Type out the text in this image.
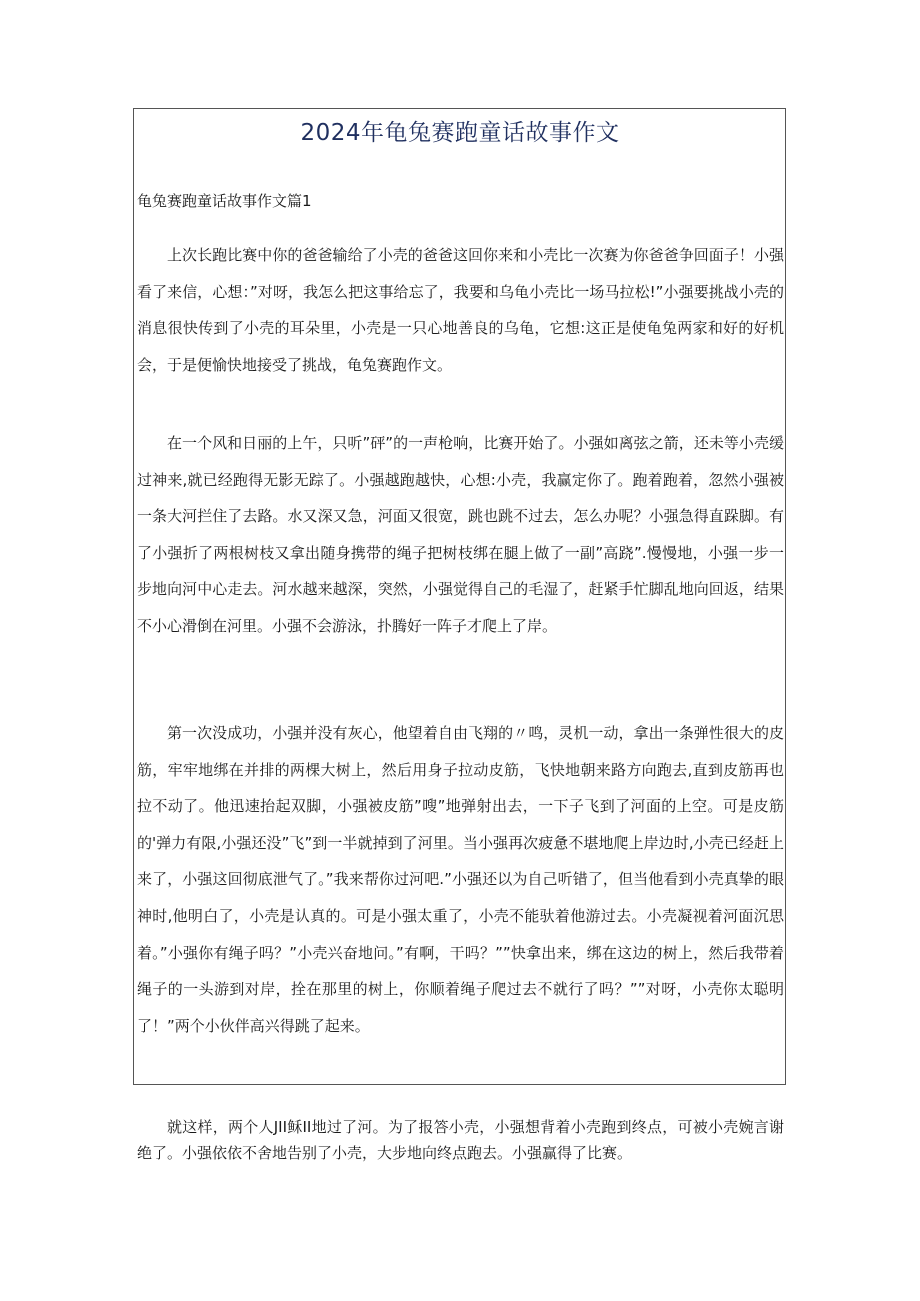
2024年龟兔赛跑童话故事作文
龟兔赛跑童话故事作文篇1

上次长跑比赛中你的爸爸输给了小壳的爸爸这回你来和小壳比一次赛为你爸爸争回面子！小强看了来信，心想：”对呀，我怎么把这事给忘了，我要和乌龟小壳比一场马拉松!”小强要挑战小壳的消息很快传到了小壳的耳朵里，小壳是一只心地善良的乌龟，它想:这正是使龟兔两家和好的好机会，于是便愉快地接受了挑战，龟兔赛跑作文。

在一个风和日丽的上午，只听”砰”的一声枪响，比赛开始了。小强如离弦之箭，还未等小壳缓过神来,就已经跑得无影无踪了。小强越跑越快，心想:小壳，我赢定你了。跑着跑着，忽然小强被一条大河拦住了去路。水又深又急，河面又很宽，跳也跳不过去，怎么办呢？小强急得直跺脚。有了小强折了两根树枝又拿出随身携带的绳子把树枝绑在腿上做了一副”高跷”.慢慢地，小强一步一步地向河中心走去。河水越来越深，突然，小强觉得自己的毛湿了，赶紧手忙脚乱地向回返，结果不小心滑倒在河里。小强不会游泳，扑腾好一阵子才爬上了岸。

第一次没成功，小强并没有灰心，他望着自由飞翔的〃鸣，灵机一动，拿出一条弹性很大的皮筋，牢牢地绑在并排的两棵大树上，然后用身子拉动皮筋，飞快地朝来路方向跑去,直到皮筋再也拉不动了。他迅速抬起双脚，小强被皮筋”嗖”地弹射出去，一下子飞到了河面的上空。可是皮筋的'弹力有限,小强还没”飞”到一半就掉到了河里。当小强再次疲惫不堪地爬上岸边时,小壳已经赶上来了，小强这回彻底泄气了。”我来帮你过河吧.”小强还以为自己听错了，但当他看到小壳真挚的眼神时,他明白了，小壳是认真的。可是小强太重了，小壳不能驮着他游过去。小壳凝视着河面沉思着。”小强你有绳子吗？”小壳兴奋地问。”有啊，干吗？””快拿出来，绑在这边的树上，然后我带着绳子的一头游到对岸，拴在那里的树上，你顺着绳子爬过去不就行了吗？””对呀，小壳你太聪明了！”两个小伙伴高兴得跳了起来。

就这样，两个人JII稣II地过了河。为了报答小壳，小强想背着小壳跑到终点，可被小壳婉言谢绝了。小强依依不舍地告别了小壳，大步地向终点跑去。小强赢得了比赛。
